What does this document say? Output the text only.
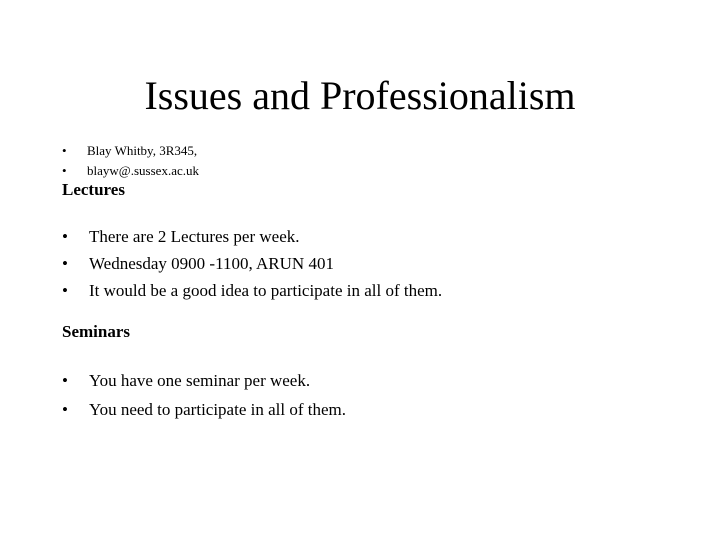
Issues and Professionalism
• Blay Whitby, 3R345,
• blayw@.sussex.ac.uk
Lectures
• There are 2 Lectures per week.
• Wednesday 0900 -1100, ARUN 401
• It would be a good idea to participate in all of them.
Seminars
• You have one seminar per week.
• You need to participate in all of them.
